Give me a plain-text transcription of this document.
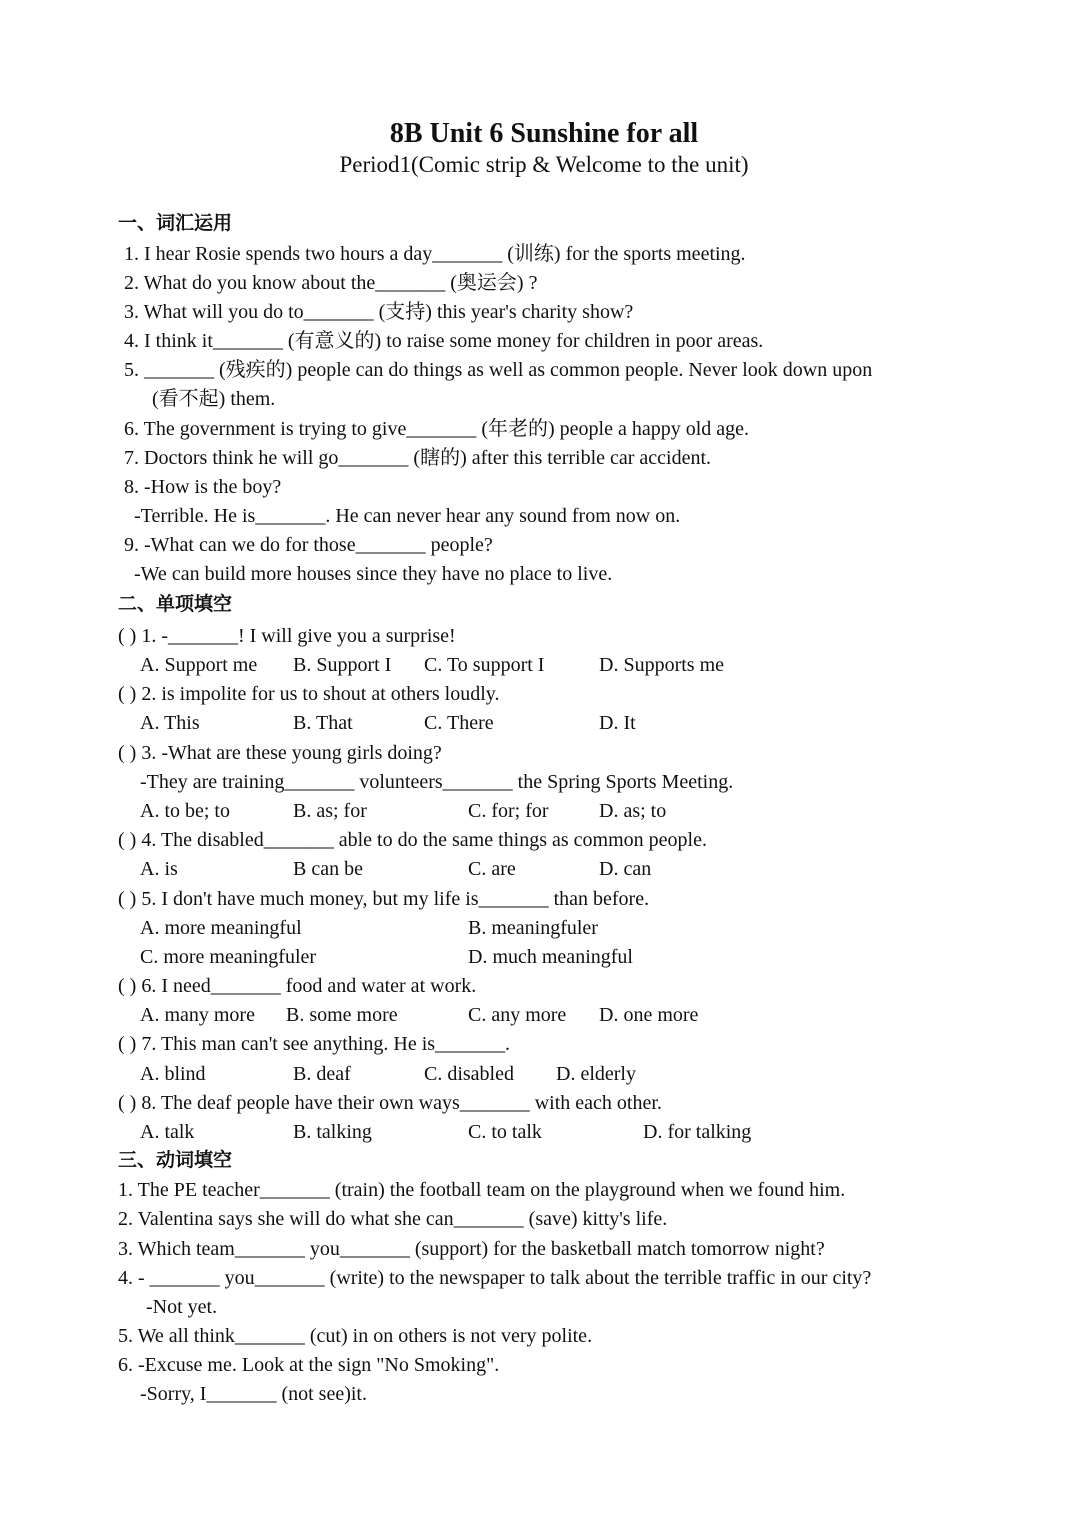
8B Unit 6 Sunshine for all
Period1(Comic strip & Welcome to the unit)
一、词汇运用
1. I hear Rosie spends two hours a day_______ (训练) for the sports meeting.
2. What do you know about the_______ (奥运会) ?
3. What will you do to_______ (支持) this year's charity show?
4. I think it_______ (有意义的) to raise some money for children in poor areas.
5. _______ (残疾的) people can do things as well as common people. Never look down upon
(看不起) them.
6. The government is trying to give_______ (年老的) people a happy old age.
7. Doctors think he will go_______ (瞎的) after this terrible car accident.
8. -How is the boy?
-Terrible. He is_______. He can never hear any sound from now on.
9. -What can we do for those_______ people?
-We can build more houses since they have no place to live.
二、单项填空
( ) 1. -_______! I will give you a surprise!
A. Support me B. Support I C. To support I	D. Supports me
( ) 2. is impolite for us to shout at others loudly.
A. This	B. That	C. There	D. It
( ) 3. -What are these young girls doing?
-They are training_______ volunteers_______ the Spring Sports Meeting.
A. to be; to	B. as; for	C. for; for	D. as; to
( ) 4. The disabled_______ able to do the same things as common people.
A. is	B can be	C. are	D. can
( ) 5. I don't have much money, but my life is_______ than before.
A. more meaningful	B. meaningfuler
C. more meaningfuler	D. much meaningful
( ) 6. I need_______ food and water at work.
A. many more B. some more	C. any more D. one more
( ) 7. This man can't see anything. He is_______.
A. blind	B. deaf	C. disabled D. elderly
( ) 8. The deaf people have their own ways_______ with each other.
A. talk	B. talking	C. to talk	D. for talking
三、动词填空
1. The PE teacher_______ (train) the football team on the playground when we found him.
2. Valentina says she will do what she can_______ (save) kitty's life.
3. Which team_______ you_______ (support) for the basketball match tomorrow night?
4. - _______ you_______ (write) to the newspaper to talk about the terrible traffic in our city?
-Not yet.
5. We all think_______ (cut) in on others is not very polite.
6. -Excuse me. Look at the sign "No Smoking".
-Sorry, I_______ (not see)it.
